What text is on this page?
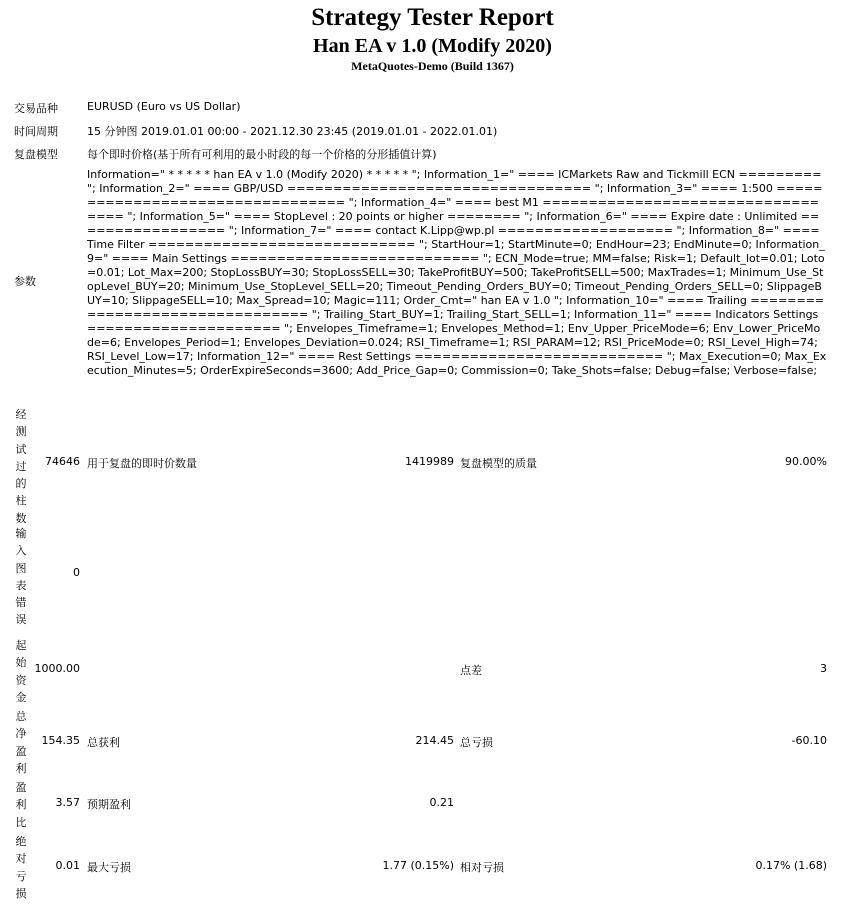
Strategy Tester Report
Han EA v 1.0 (Modify 2020)
MetaQuotes-Demo (Build 1367)
交易品种	EURUSD (Euro vs US Dollar)
时间周期	15 分钟图 2019.01.01 00:00 - 2021.12.30 23:45 (2019.01.01 - 2022.01.01)
复盘模型	每个即时价格(基于所有可利用的最小时段的每一个价格的分形插值计算)
参数
Information=" * * * * * han EA v 1.0 (Modify 2020) * * * * * "; Information_1=" ==== ICMarkets Raw and Tickmill ECN ========= "; Information_2=" ==== GBP/USD ================================= "; Information_3=" ==== 1:500 ================================= "; Information_4=" ==== best M1 ================================== "; Information_5=" ==== StopLevel : 20 points or higher ======== "; Information_6=" ==== Expire date : Unlimited ================= "; Information_7=" ==== contact K.Lipp@wp.pl =================== "; Information_8=" ==== Time Filter ============================= "; StartHour=1; StartMinute=0; EndHour=23; EndMinute=0; Information_9=" ==== Main Settings =========================== "; ECN_Mode=true; MM=false; Risk=1; Default_lot=0.01; Loto=0.01; Lot_Max=200; StopLossBUY=30; StopLossSELL=30; TakeProfitBUY=500; TakeProfitSELL=500; MaxTrades=1; Minimum_Use_StopLevel_BUY=20; Minimum_Use_StopLevel_SELL=20; Timeout_Pending_Orders_BUY=0; Timeout_Pending_Orders_SELL=0; SlippageBUY=10; SlippageSELL=10; Max_Spread=10; Magic=111; Order_Cmt=" han EA v 1.0 "; Information_10=" ==== Trailing ================================ "; Trailing_Start_BUY=1; Trailing_Start_SELL=1; Information_11=" ==== Indicators Settings ===================== "; Envelopes_Timeframe=1; Envelopes_Method=1; Env_Upper_PriceMode=6; Env_Lower_PriceMode=6; Envelopes_Period=1; Envelopes_Deviation=0.024; RSI_Timeframe=1; RSI_PARAM=12; RSI_PriceMode=0; RSI_Level_High=74; RSI_Level_Low=17; Information_12=" ==== Rest Settings =========================== "; Max_Execution=0; Max_Execution_Minutes=5; OrderExpireSeconds=3600; Add_Price_Gap=0; Commission=0; Take_Shots=false; Debug=false; Verbose=false;
经测试过的柱数
74646 用于复盘的即时价数量	1419989 复盘模型的质量	90.00%
输入图表错误
0
起始资金
1000.00	点差	3
总净盈利
154.35 总获利	214.45 总亏损	-60.10
盈利比
3.57 预期盈利	0.21
绝对亏损
0.01 最大亏损	1.77 (0.15%) 相对亏损	0.17% (1.68)
